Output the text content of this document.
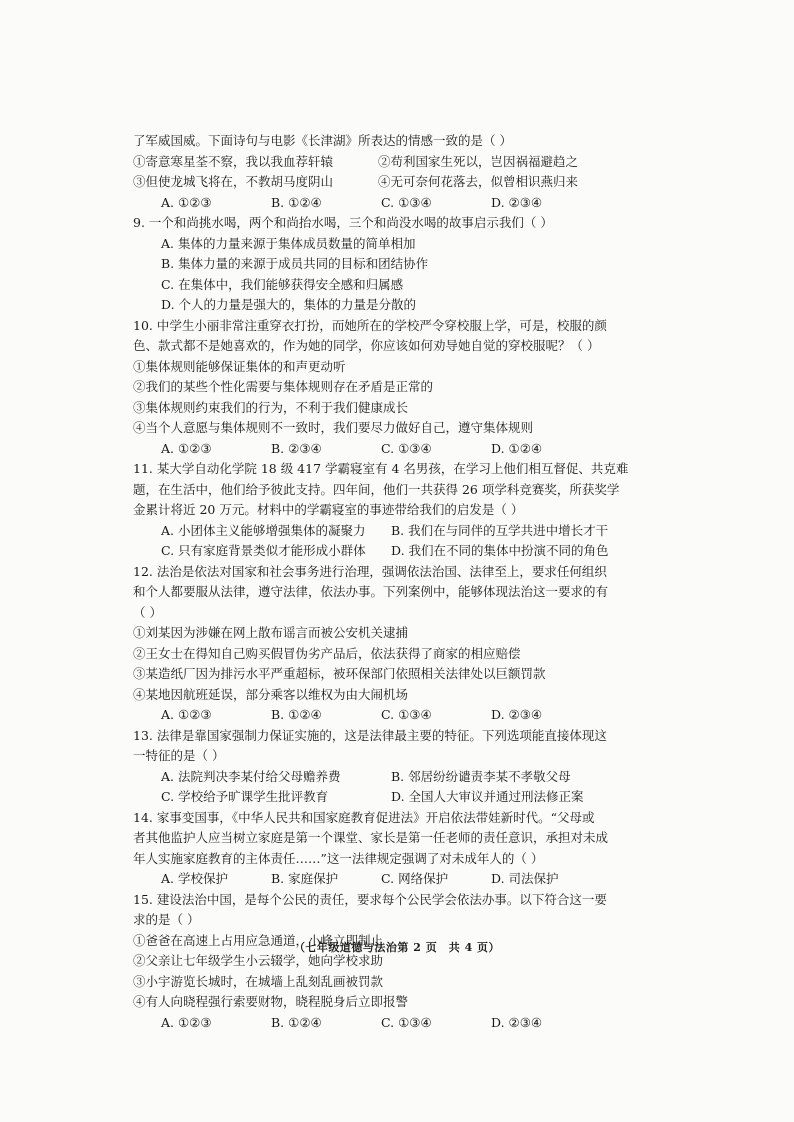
了军威国威。下面诗句与电影《长津湖》所表达的情感一致的是（ ）
①寄意寒星荃不察，我以我血荐轩辕	②苟利国家生死以，岂因祸福避趋之
③但使龙城飞将在，不教胡马度阴山	④无可奈何花落去，似曾相识燕归来
A. ①②③	B. ①②④	C. ①③④	D. ②③④
9. 一个和尚挑水喝，两个和尚抬水喝，三个和尚没水喝的故事启示我们（ ）
A. 集体的力量来源于集体成员数量的简单相加
B. 集体力量的来源于成员共同的目标和团结协作
C. 在集体中，我们能够获得安全感和归属感
D. 个人的力量是强大的，集体的力量是分散的
10. 中学生小丽非常注重穿衣打扮，而她所在的学校严令穿校服上学，可是，校服的颜
色、款式都不是她喜欢的，作为她的同学，你应该如何劝导她自觉的穿校服呢？（ ）
①集体规则能够保证集体的和声更动听
②我们的某些个性化需要与集体规则存在矛盾是正常的
③集体规则约束我们的行为，不利于我们健康成长
④当个人意愿与集体规则不一致时，我们要尽力做好自己，遵守集体规则
A. ①②③	B. ②③④	C. ①③④	D. ①②④
11. 某大学自动化学院 18 级 417 学霸寝室有 4 名男孩，在学习上他们相互督促、共克难
题，在生活中，他们给予彼此支持。四年间，他们一共获得 26 项学科竞赛奖，所获奖学
金累计将近 20 万元。材料中的学霸寝室的事迹带给我们的启发是（ ）
A. 小团体主义能够增强集体的凝聚力	B. 我们在与同伴的互学共进中增长才干
C. 只有家庭背景类似才能形成小群体	D. 我们在不同的集体中扮演不同的角色
12. 法治是依法对国家和社会事务进行治理，强调依法治国、法律至上，要求任何组织
和个人都要服从法律，遵守法律，依法办事。下列案例中，能够体现法治这一要求的有
（ ）
①刘某因为涉嫌在网上散布谣言而被公安机关逮捕
②王女士在得知自己购买假冒伪劣产品后，依法获得了商家的相应赔偿
③某造纸厂因为排污水平严重超标，被环保部门依照相关法律处以巨额罚款
④某地因航班延误，部分乘客以维权为由大闹机场
A. ①②③	B. ①②④	C. ①③④	D. ②③④
13. 法律是靠国家强制力保证实施的，这是法律最主要的特征。下列选项能直接体现这
一特征的是（ ）
A. 法院判决李某付给父母赡养费	B. 邻居纷纷谴责李某不孝敬父母
C. 学校给予旷课学生批评教育	D. 全国人大审议并通过刑法修正案
14. 家事变国事，《中华人民共和国家庭教育促进法》开启依法带娃新时代。“父母或
者其他监护人应当树立家庭是第一个课堂、家长是第一任老师的责任意识，承担对未成
年人实施家庭教育的主体责任……”这一法律规定强调了对未成年人的（ ）
A. 学校保护	B. 家庭保护	C. 网络保护	D. 司法保护
15. 建设法治中国，是每个公民的责任，要求每个公民学会依法办事。以下符合这一要
求的是（ ）
①爸爸在高速上占用应急通道，小峰立即制止
②父亲让七年级学生小云辍学，她向学校求助
③小宇游览长城时，在城墙上乱刻乱画被罚款
④有人向晓程强行索要财物，晓程脱身后立即报警
A. ①②③	B. ①②④	C. ①③④	D. ②③④
（七年级道德与法治第 2 页　共 4 页）
